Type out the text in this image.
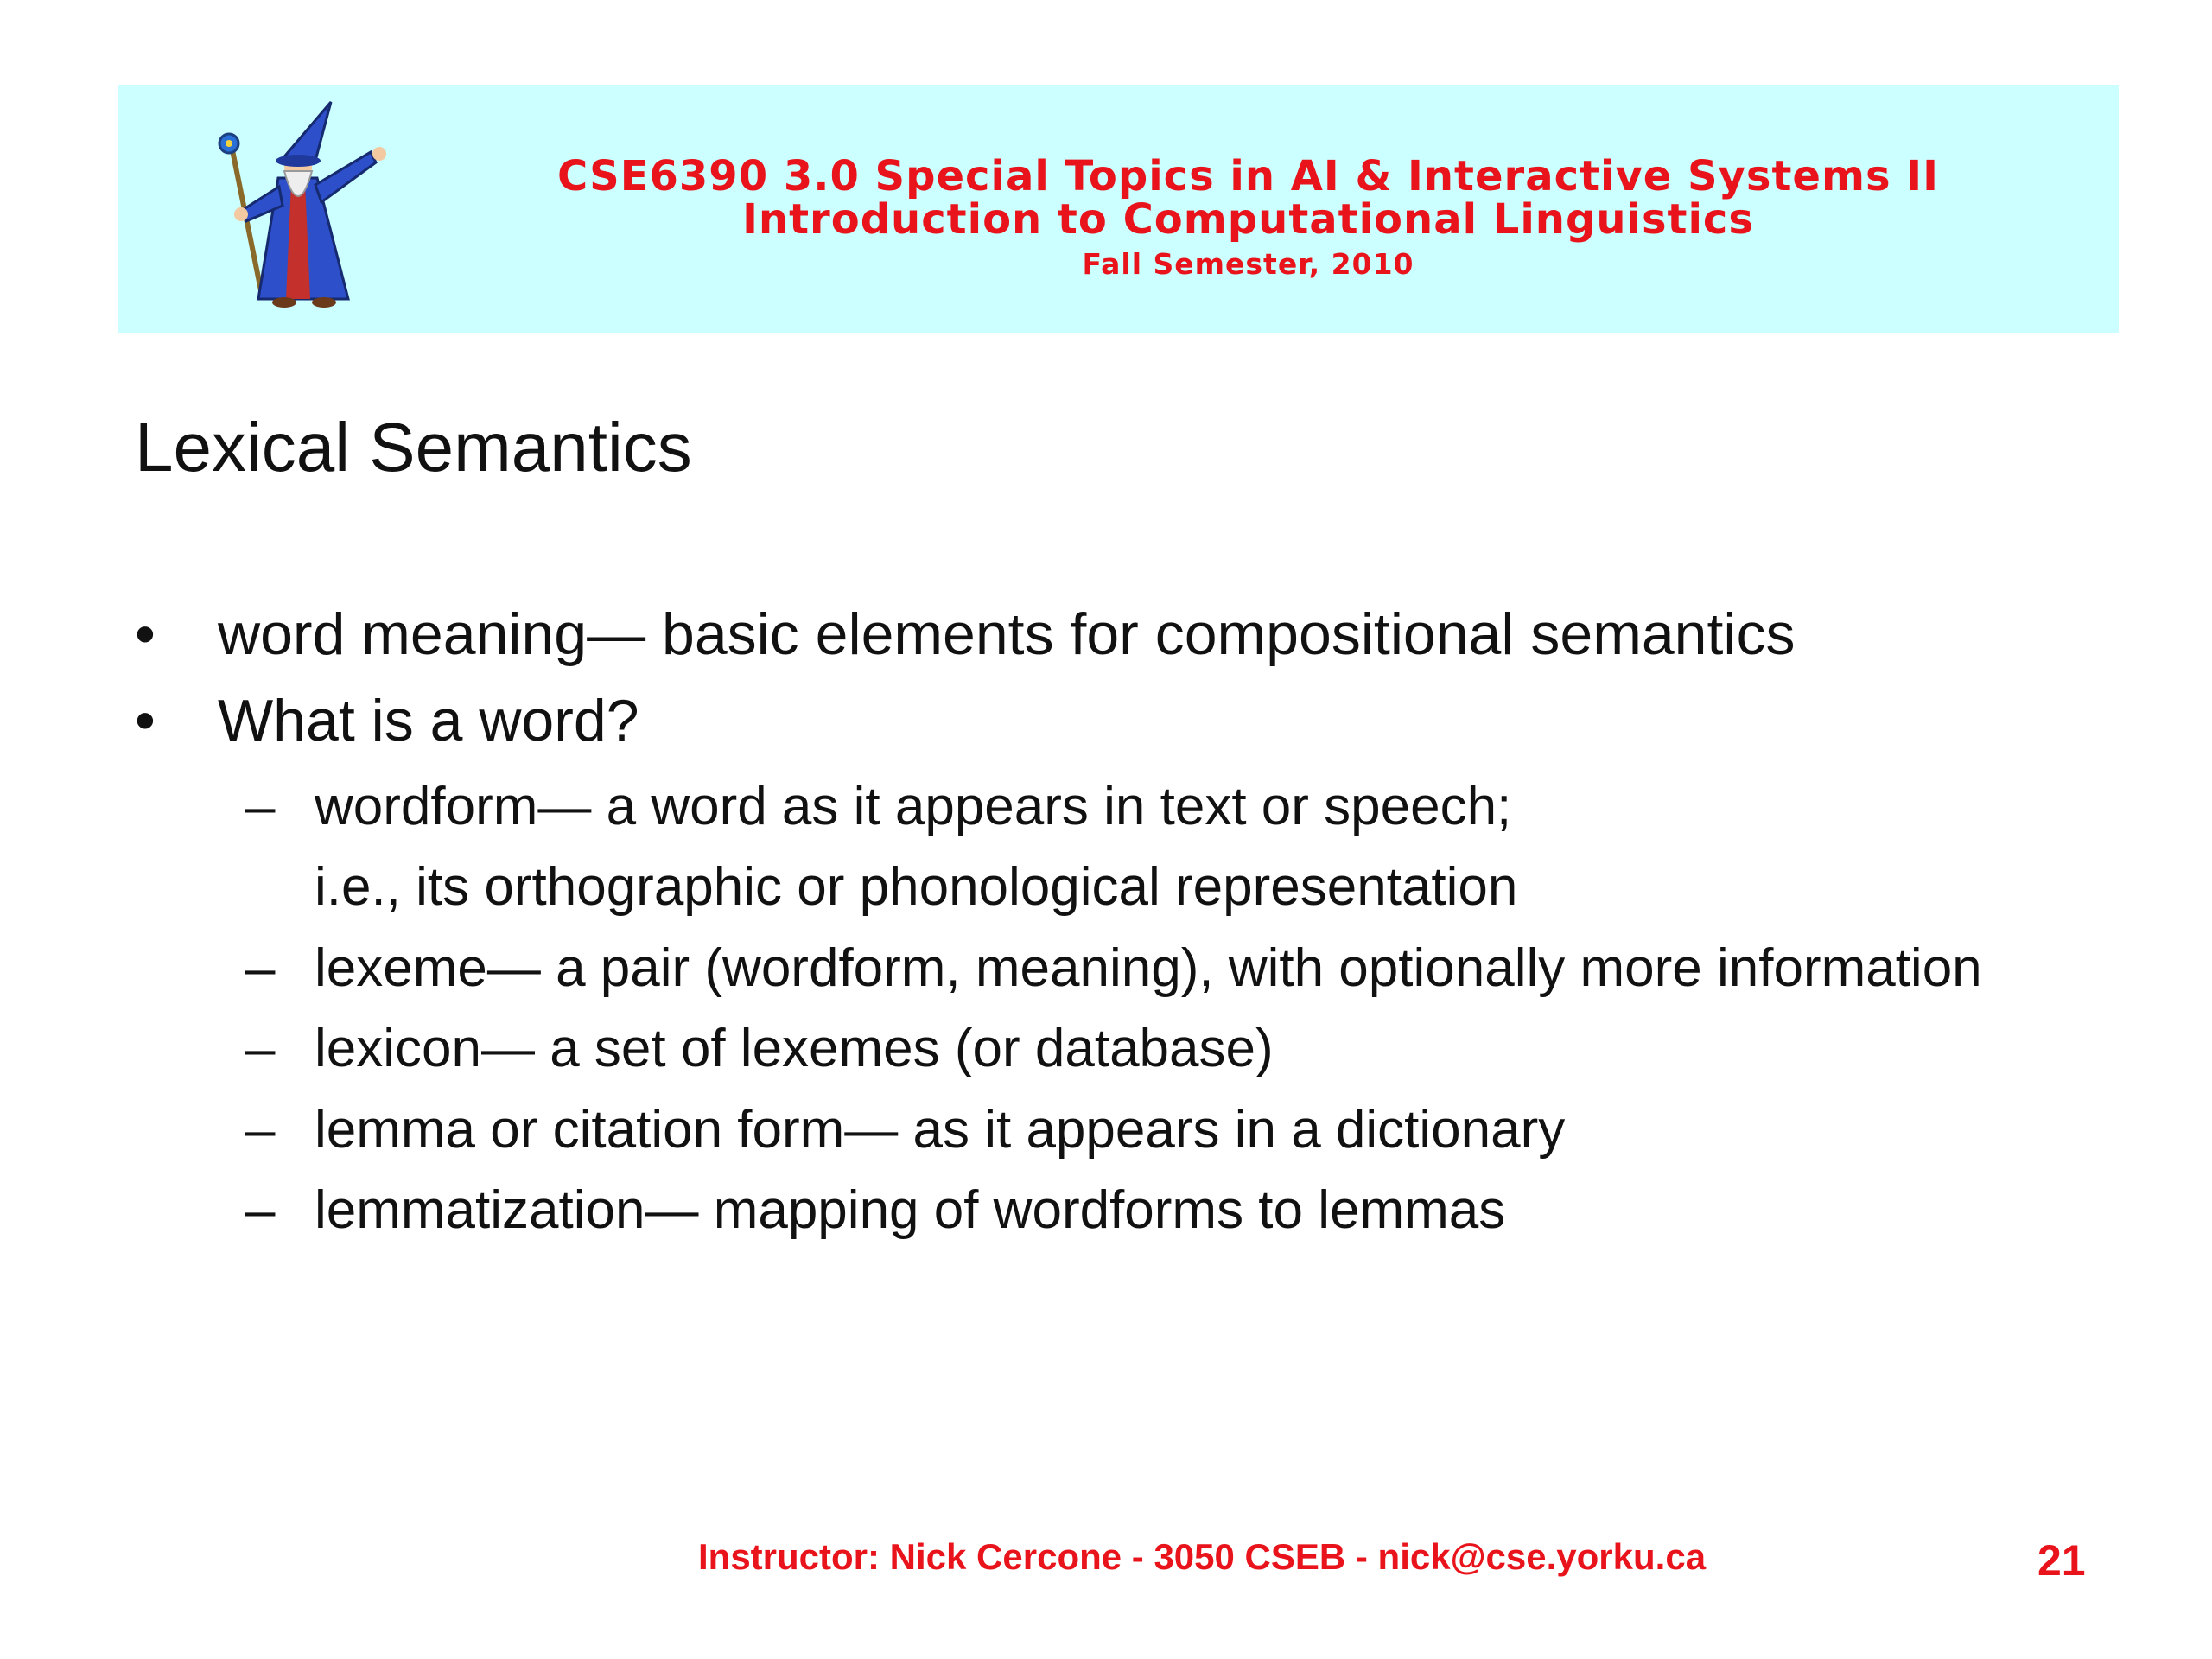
CSE6390 3.0 Special Topics in AI & Interactive Systems II
Introduction to Computational Linguistics
Fall Semester, 2010
Lexical Semantics
• word meaning— basic elements for compositional semantics
• What is a word?
– wordform— a word as it appears in text or speech;
i.e., its orthographic or phonological representation
– lexeme— a pair (wordform, meaning), with optionally more information
– lexicon— a set of lexemes (or database)
– lemma or citation form— as it appears in a dictionary
– lemmatization— mapping of wordforms to lemmas
Instructor: Nick Cercone - 3050 CSEB - nick@cse.yorku.ca	21
